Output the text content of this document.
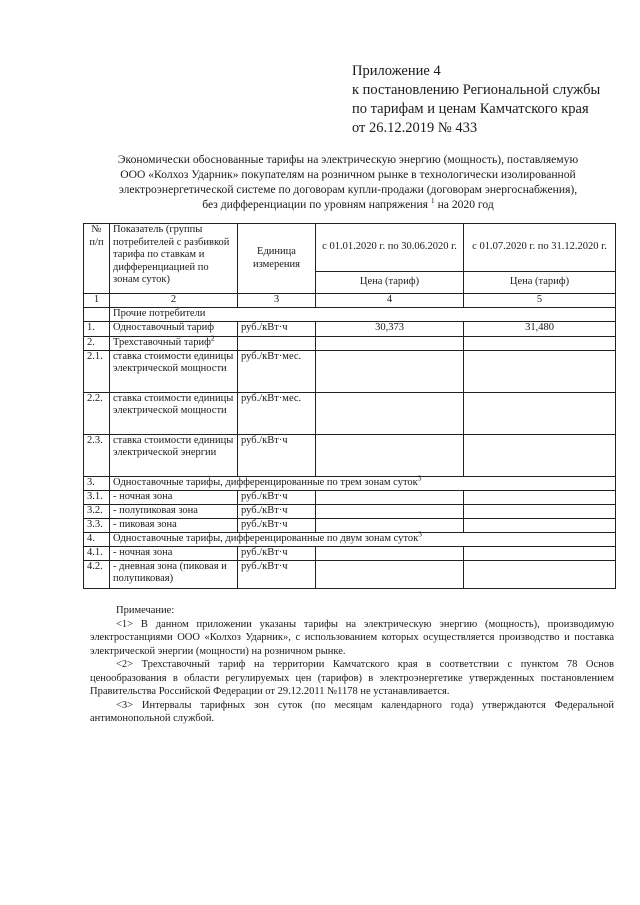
Приложение 4
к постановлению Региональной службы
по тарифам и ценам Камчатского края
от 26.12.2019 № 433
Экономически обоснованные тарифы на электрическую энергию (мощность), поставляемую
ООО «Колхоз Ударник» покупателям на розничном рынке в технологически изолированной
электроэнергетической системе по договорам купли-продажи (договорам энергоснабжения),
без дифференциации по уровням напряжения $^1$ на 2020 год
№ п/п	Показатель (группы потребителей с разбивкой тарифа по ставкам и дифференциацией по зонам суток)	Единица измерения	с 01.01.2020 г. по 30.06.2020 г.	с 01.07.2020 г. по 31.12.2020 г.
			Цена (тариф)	Цена (тариф)
1	2	3	4	5
	Прочие потребители			
1.	Одноставочный тариф	руб./кВт·ч	30,373	31,480
2.	Трехставочный тариф$^2$			
2.1.	ставка стоимости единицы электрической мощности	руб./кВт·мес.		
2.2.	ставка стоимости единицы электрической мощности	руб./кВт·мес.		
2.3.	ставка стоимости единицы электрической энергии	руб./кВт·ч		
3.	Одноставочные тарифы, дифференцированные по трем зонам суток$^3$
3.1.	- ночная зона	руб./кВт·ч		
3.2.	- полупиковая зона	руб./кВт·ч		
3.3.	- пиковая зона	руб./кВт·ч		
4.	Одноставочные тарифы, дифференцированные по двум зонам суток$^3$
4.1.	- ночная зона	руб./кВт·ч		
4.2.	- дневная зона (пиковая и полупиковая)	руб./кВт·ч		

Примечание:

<1> В данном приложении указаны тарифы на электрическую энергию (мощность), производимую электростанциями ООО «Колхоз Ударник», с использованием которых осуществляется производство и поставка электрической энергии (мощности) на розничном рынке.

<2> Трехставочный тариф на территории Камчатского края в соответствии с пунктом 78 Основ ценообразования в области регулируемых цен (тарифов) в электроэнергетике утвержденных постановлением Правительства Российской Федерации от 29.12.2011 №1178 не устанавливается.

<3> Интервалы тарифных зон суток (по месяцам календарного года) утверждаются Федеральной антимонопольной службой.
